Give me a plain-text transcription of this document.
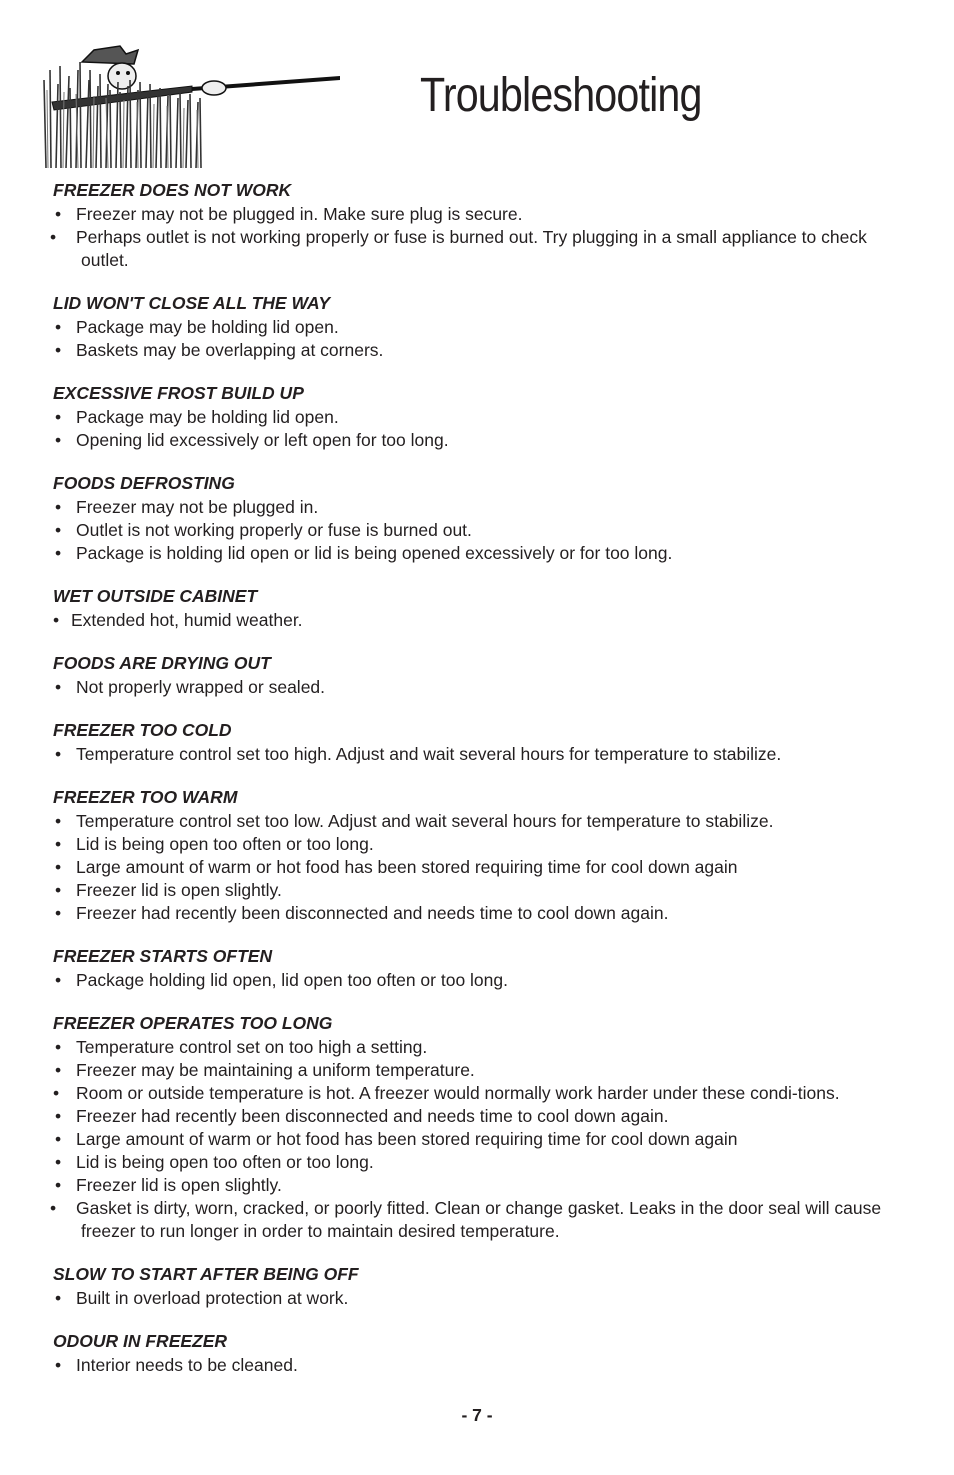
Troubleshooting

FREEZER DOES NOT WORK

• Freezer may not be plugged in. Make sure plug is secure.
• Perhaps outlet is not working properly or fuse is burned out. Try plugging in a small appliance to check outlet.

LID WON'T CLOSE ALL THE WAY

• Package may be holding lid open.
• Baskets may be overlapping at corners.

EXCESSIVE FROST BUILD UP

• Package may be holding lid open.
• Opening lid excessively or left open for too long.

FOODS DEFROSTING

• Freezer may not be plugged in.
• Outlet is not working properly or fuse is burned out.
• Package is holding lid open or lid is being opened excessively or for too long.

WET OUTSIDE CABINET

• Extended hot, humid weather.

FOODS ARE DRYING OUT

• Not properly wrapped or sealed.

FREEZER TOO COLD

• Temperature control set too high. Adjust and wait several hours for temperature to stabilize.

FREEZER TOO WARM

• Temperature control set too low. Adjust and wait several hours for temperature to stabilize.
• Lid is being open too often or too long.
• Large amount of warm or hot food has been stored requiring time for cool down again
• Freezer lid is open slightly.
• Freezer had recently been disconnected and needs time to cool down again.

FREEZER STARTS OFTEN

• Package holding lid open, lid open too often or too long.

FREEZER OPERATES TOO LONG

• Temperature control set on too high a setting.
• Freezer may be maintaining a uniform temperature.
• Room or outside temperature is hot. A freezer would normally work harder under these condi-tions.
• Freezer had recently been disconnected and needs time to cool down again.
• Large amount of warm or hot food has been stored requiring time for cool down again
• Lid is being open too often or too long.
• Freezer lid is open slightly.
• Gasket is dirty, worn, cracked, or poorly fitted. Clean or change gasket. Leaks in the door seal will cause freezer to run longer in order to maintain desired temperature.

SLOW TO START AFTER BEING OFF

• Built in overload protection at work.

ODOUR IN FREEZER

• Interior needs to be cleaned.
- 7 -
